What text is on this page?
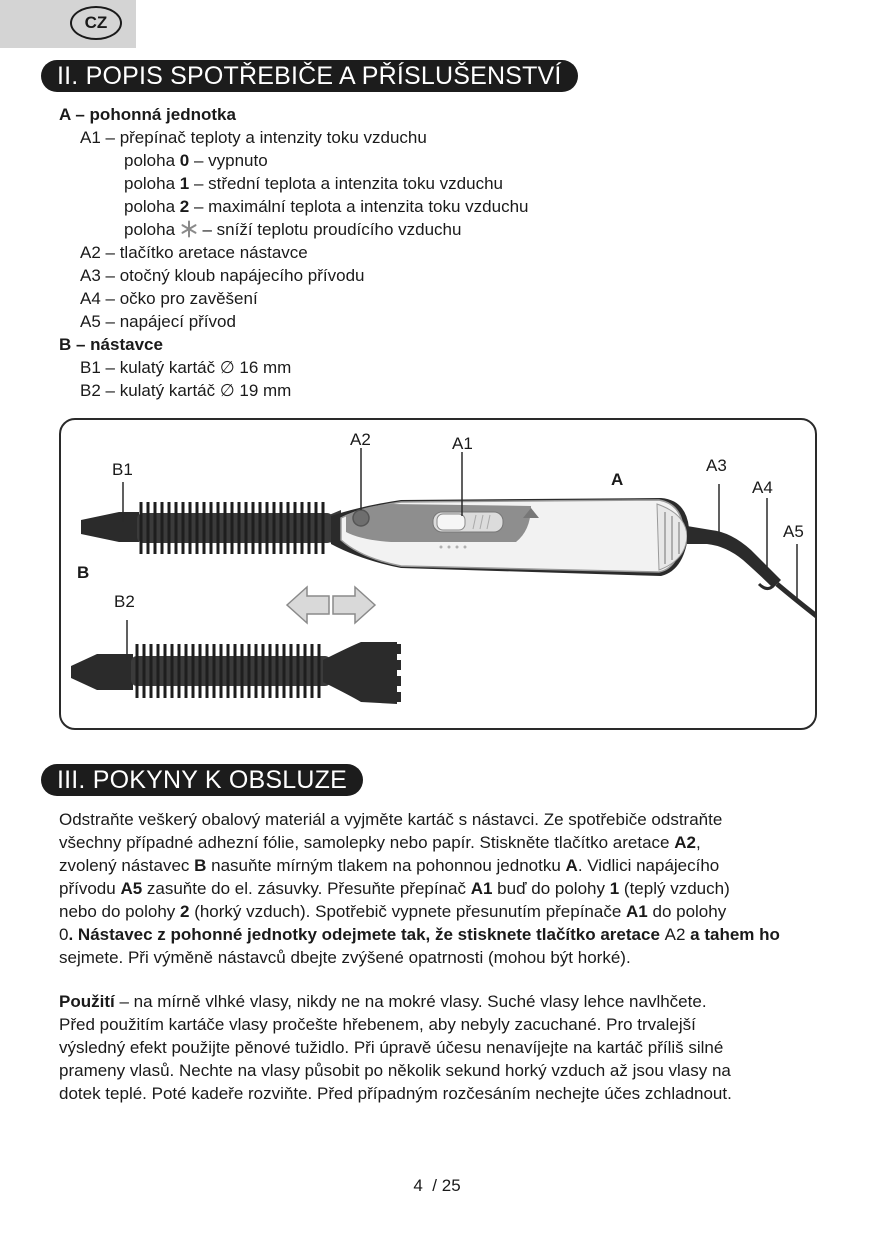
CZ
II. POPIS SPOTŘEBIČE A PŘÍSLUŠENSTVÍ
A – pohonná jednotka
A1 – přepínač teploty a intenzity toku vzduchu
poloha 0 – vypnuto
poloha 1 – střední teplota a intenzita toku vzduchu
poloha 2 – maximální teplota a intenzita toku vzduchu
poloha  – sníží teplotu proudícího vzduchu
A2 – tlačítko aretace nástavce
A3 – otočný kloub napájecího přívodu
A4 – očko pro zavěšení
A5 – napájecí přívod
B – nástavce
B1 – kulatý kartáč ∅ 16 mm
B2 – kulatý kartáč ∅ 19 mm
A2	A1
A
A3
A4
A5
B1
B
B2
III. POKYNY K OBSLUZE

Odstraňte veškerý obalový materiál a vyjměte kartáč s nástavci. Ze spotřebiče odstraňte

všechny případné adhezní fólie, samolepky nebo papír. Stiskněte tlačítko aretace A2,

zvolený nástavec B nasuňte mírným tlakem na pohonnou jednotku A. Vidlici napájecího

přívodu A5 zasuňte do el. zásuvky. Přesuňte přepínač A1 buď do polohy 1 (teplý vzduch)

nebo do polohy 2 (horký vzduch). Spotřebič vypnete přesunutím přepínače A1 do polohy

0. Nástavec z pohonné jednotky odejmete tak, že stisknete tlačítko aretace A2 a tahem ho

sejmete. Při výměně nástavců dbejte zvýšené opatrnosti (mohou být horké).

Použití – na mírně vlhké vlasy, nikdy ne na mokré vlasy. Suché vlasy lehce navlhčete.

Před použitím kartáče vlasy pročešte hřebenem, aby nebyly zacuchané. Pro trvalejší

výsledný efekt použijte pěnové tužidlo. Při úpravě účesu nenavíjejte na kartáč příliš silné

prameny vlasů. Nechte na vlasy působit po několik sekund horký vzduch až jsou vlasy na

dotek teplé. Poté kadeře rozviňte. Před případným rozčesáním nechejte účes zchladnout.

4 / 25
